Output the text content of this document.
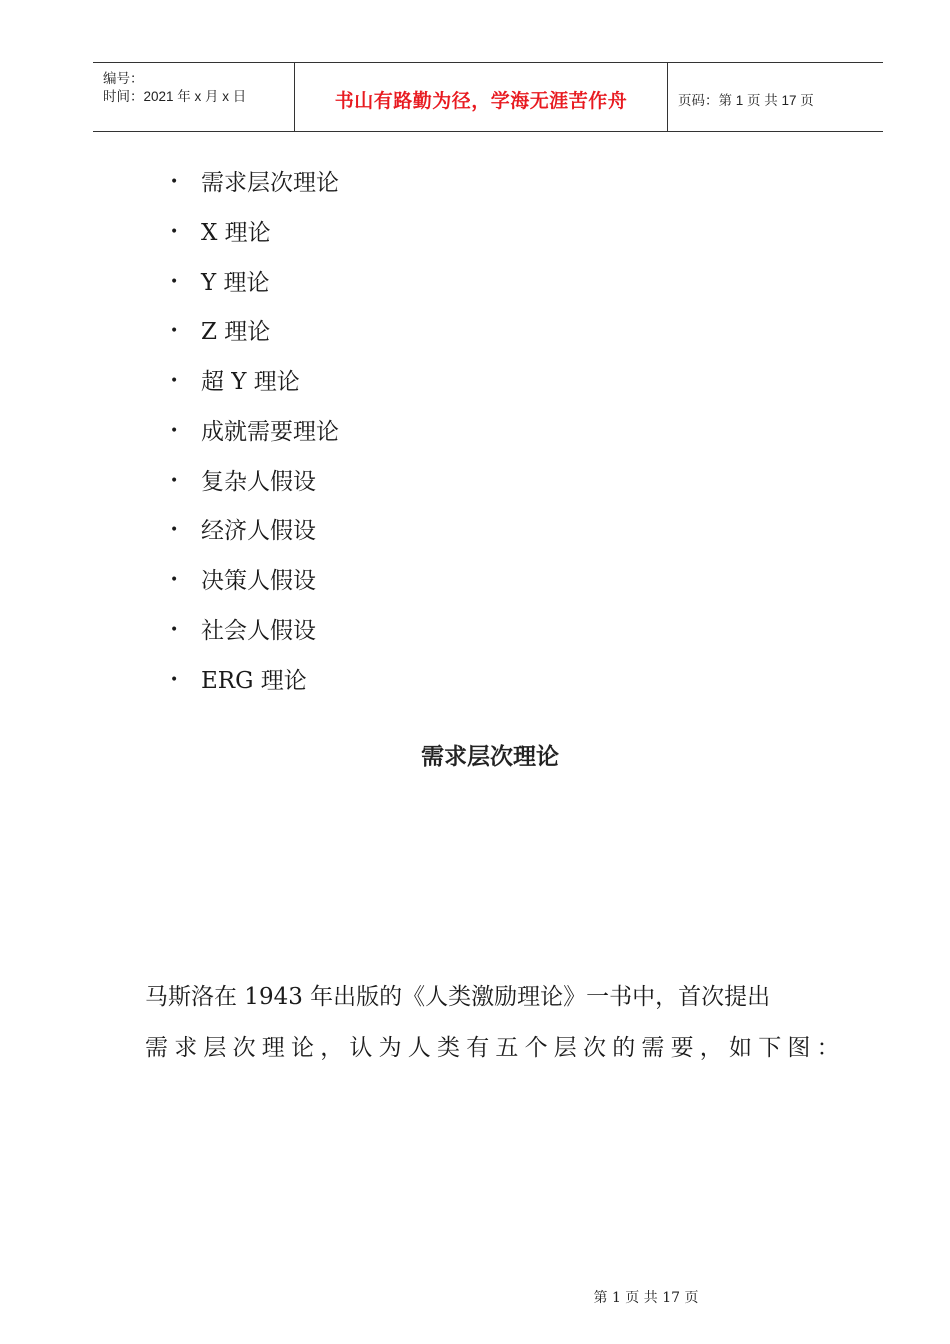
编号：
时间：2021 年 x 月 x 日	书山有路勤为径，学海无涯苦作舟	页码：第 1 页 共 17 页
• 需求层次理论
• X 理论
• Y 理论
• Z 理论
• 超 Y 理论
• 成就需要理论
• 复杂人假设
• 经济人假设
• 决策人假设
• 社会人假设
• ERG 理论
需求层次理论
马斯洛在 1943 年出版的《人类激励理论》一书中，首次提出
需求层次理论，认为人类有五个层次的需要，如下图：
第 1 页 共 17 页
